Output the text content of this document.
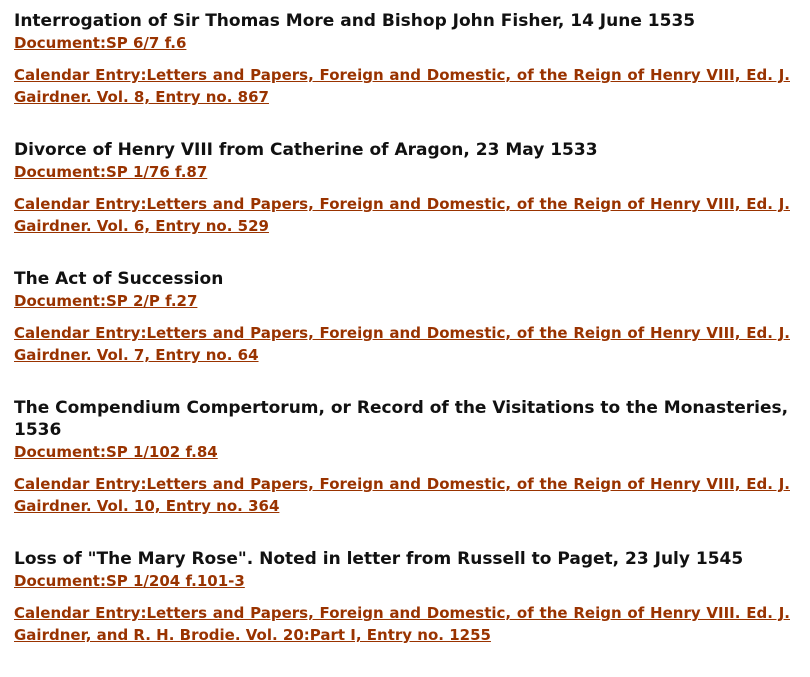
Interrogation of Sir Thomas More and Bishop John Fisher, 14 June 1535
Document:SP 6/7 f.6
Calendar Entry:Letters and Papers, Foreign and Domestic, of the Reign of Henry VIII, Ed. J. Gairdner. Vol. 8, Entry no. 867
Divorce of Henry VIII from Catherine of Aragon, 23 May 1533
Document:SP 1/76 f.87
Calendar Entry:Letters and Papers, Foreign and Domestic, of the Reign of Henry VIII, Ed. J. Gairdner. Vol. 6, Entry no. 529
The Act of Succession
Document:SP 2/P f.27
Calendar Entry:Letters and Papers, Foreign and Domestic, of the Reign of Henry VIII, Ed. J. Gairdner. Vol. 7, Entry no. 64
The Compendium Compertorum, or Record of the Visitations to the Monasteries, 1536
Document:SP 1/102 f.84
Calendar Entry:Letters and Papers, Foreign and Domestic, of the Reign of Henry VIII, Ed. J. Gairdner. Vol. 10, Entry no. 364
Loss of "The Mary Rose". Noted in letter from Russell to Paget, 23 July 1545
Document:SP 1/204 f.101-3
Calendar Entry:Letters and Papers, Foreign and Domestic, of the Reign of Henry VIII. Ed. J. Gairdner, and R. H. Brodie. Vol. 20:Part I, Entry no. 1255
